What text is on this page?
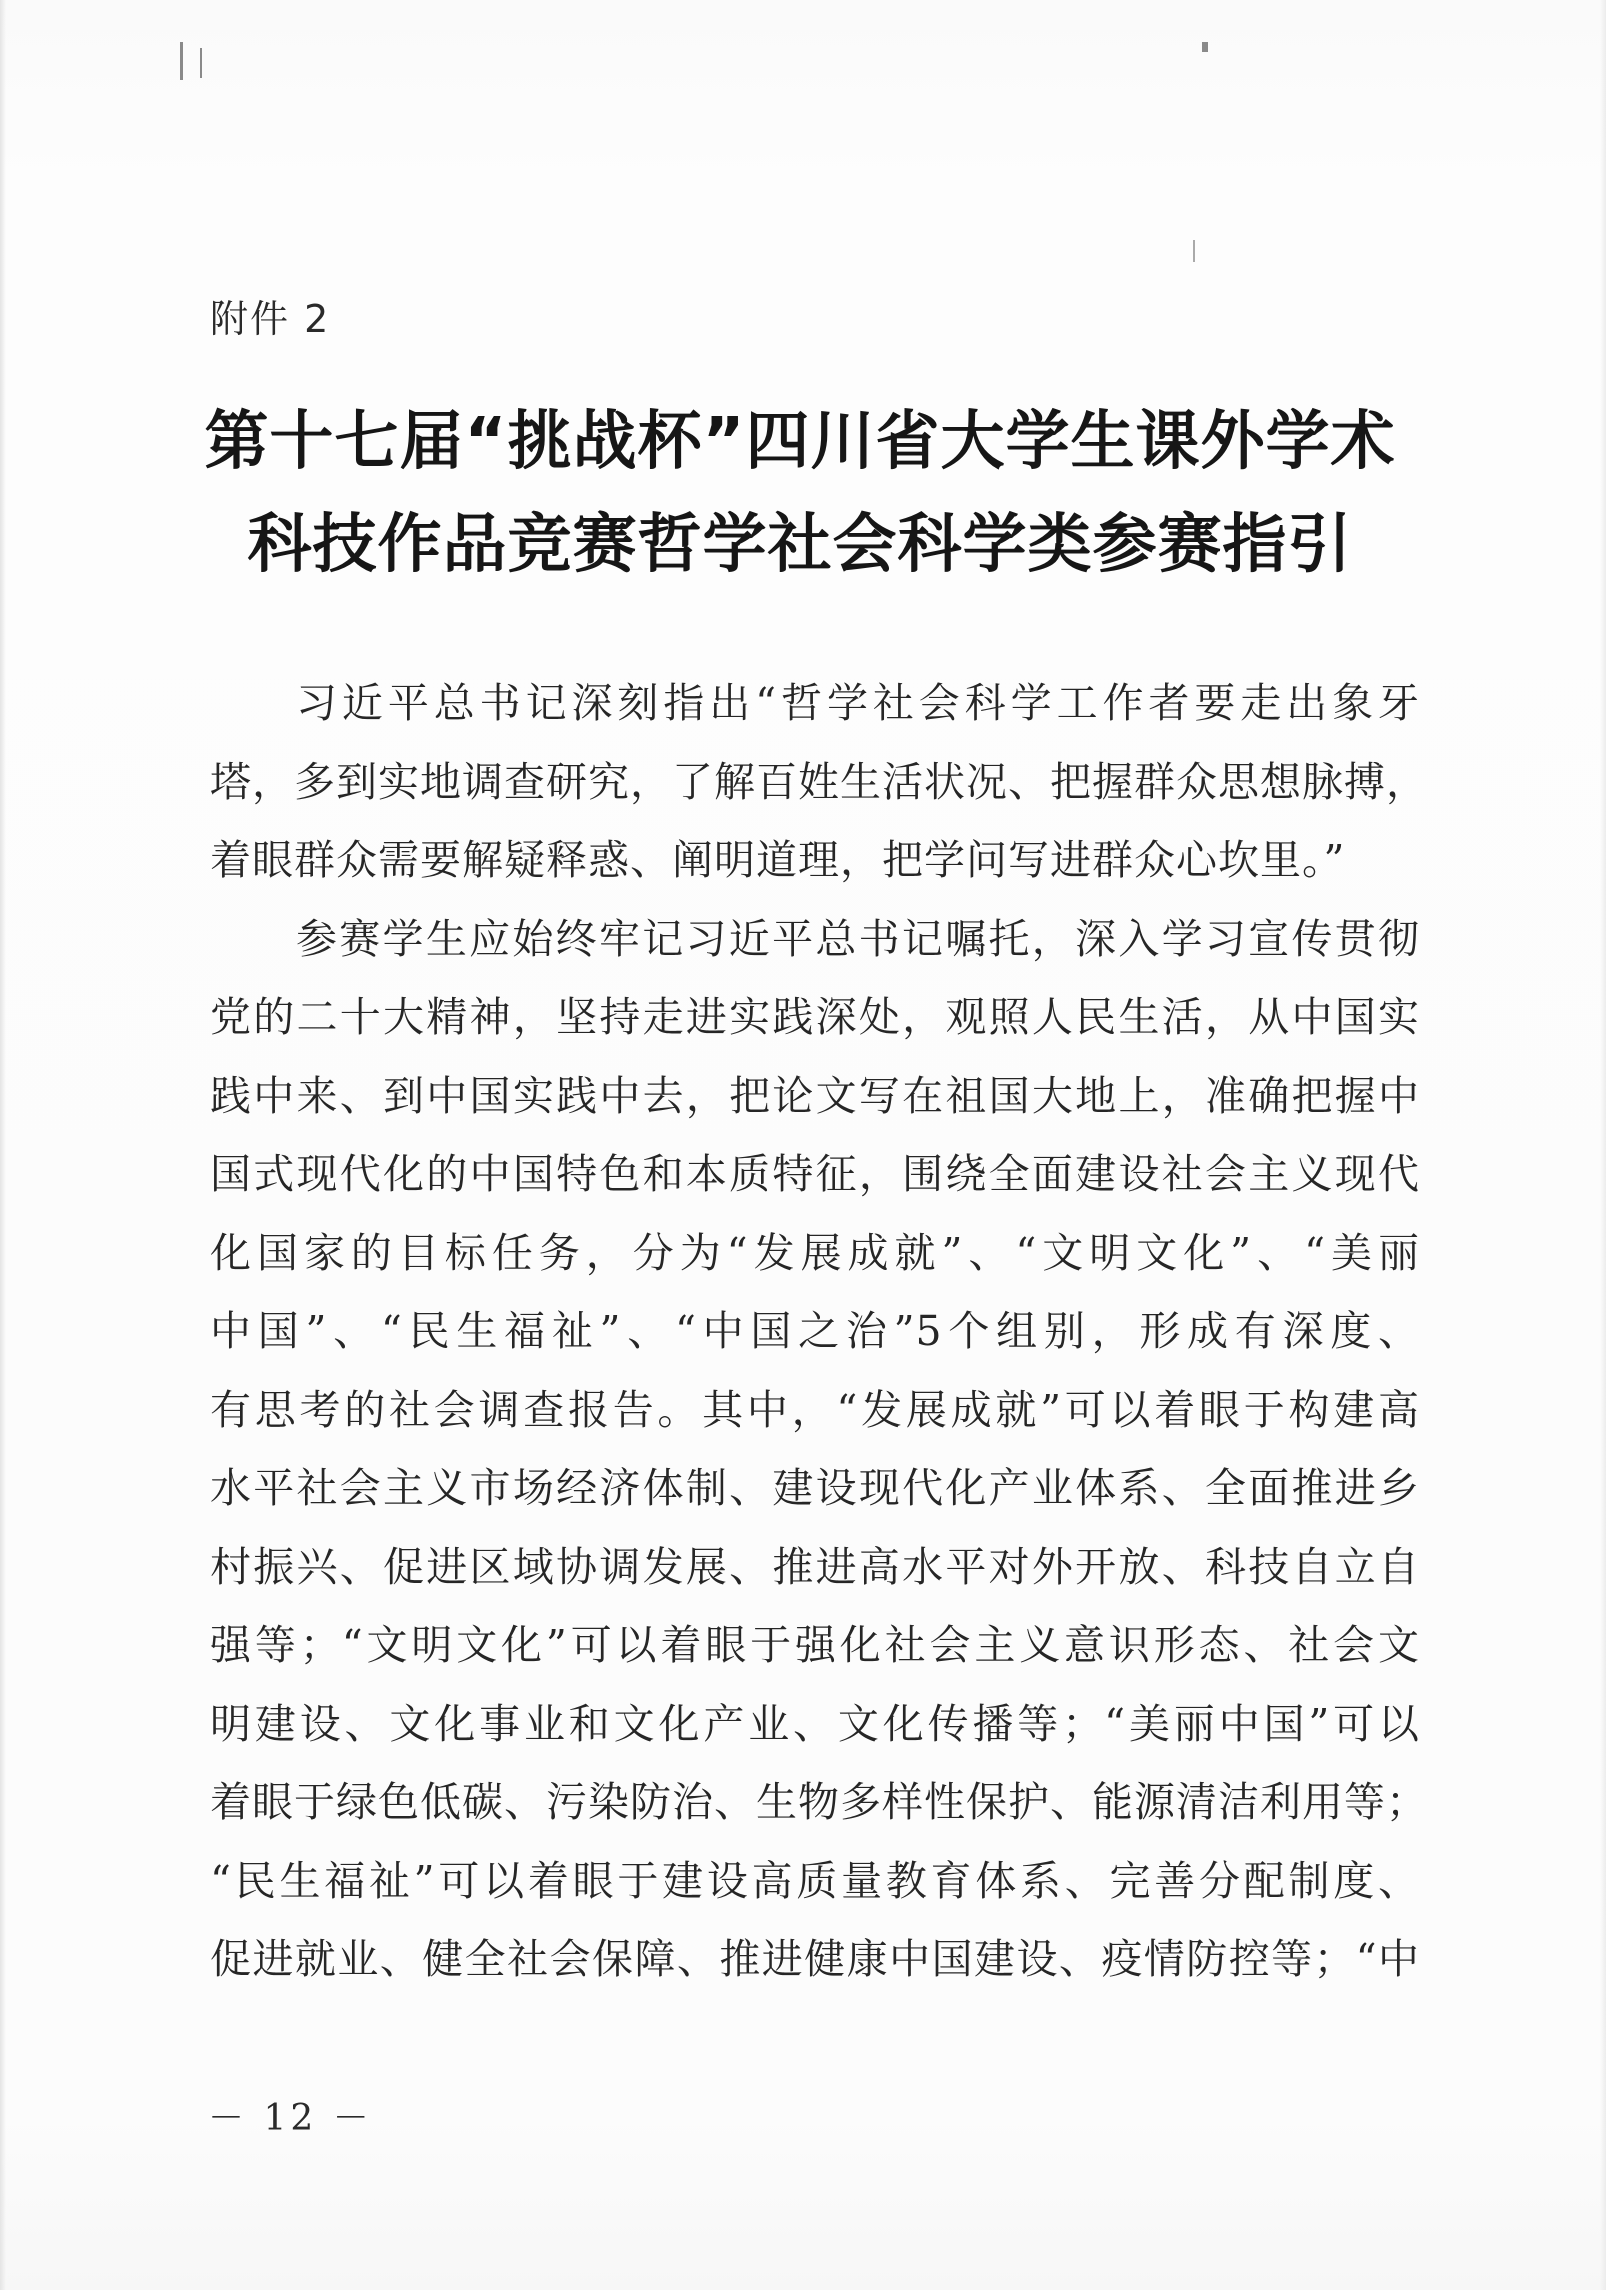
附件 2
第十七届“挑战杯”四川省大学生课外学术
科技作品竞赛哲学社会科学类参赛指引
习近平总书记深刻指出“哲学社会科学工作者要走出象牙
塔，多到实地调查研究，了解百姓生活状况、把握群众思想脉搏，
着眼群众需要解疑释惑、阐明道理，把学问写进群众心坎里。”
参赛学生应始终牢记习近平总书记嘱托，深入学习宣传贯彻
党的二十大精神，坚持走进实践深处，观照人民生活，从中国实
践中来、到中国实践中去，把论文写在祖国大地上，准确把握中
国式现代化的中国特色和本质特征，围绕全面建设社会主义现代
化国家的目标任务，分为“发展成就”、“文明文化”、“美丽
中国”、“民生福祉”、“中国之治”5个组别，形成有深度、
有思考的社会调查报告。其中，“发展成就”可以着眼于构建高
水平社会主义市场经济体制、建设现代化产业体系、全面推进乡
村振兴、促进区域协调发展、推进高水平对外开放、科技自立自
强等；“文明文化”可以着眼于强化社会主义意识形态、社会文
明建设、文化事业和文化产业、文化传播等；“美丽中国”可以
着眼于绿色低碳、污染防治、生物多样性保护、能源清洁利用等；
“民生福祉”可以着眼于建设高质量教育体系、完善分配制度、
促进就业、健全社会保障、推进健康中国建设、疫情防控等；“中
－ 12 －
